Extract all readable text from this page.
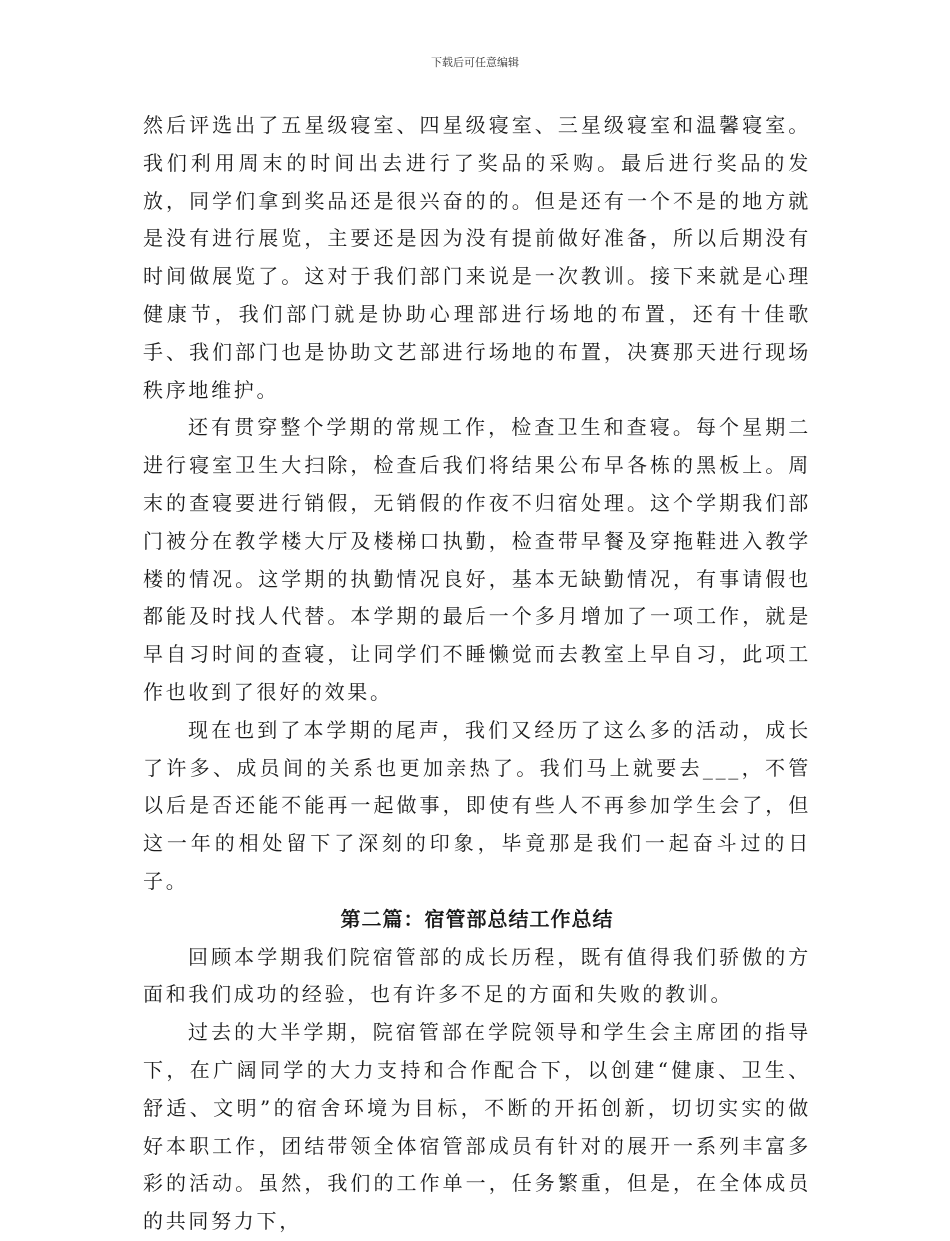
下载后可任意编辑

然后评选出了五星级寝室、四星级寝室、三星级寝室和温馨寝室。我们利用周末的时间出去进行了奖品的采购。最后进行奖品的发放，同学们拿到奖品还是很兴奋的的。但是还有一个不是的地方就是没有进行展览，主要还是因为没有提前做好准备，所以后期没有时间做展览了。这对于我们部门来说是一次教训。接下来就是心理健康节，我们部门就是协助心理部进行场地的布置，还有十佳歌手、我们部门也是协助文艺部进行场地的布置，决赛那天进行现场秩序地维护。

还有贯穿整个学期的常规工作，检查卫生和查寝。每个星期二进行寝室卫生大扫除，检查后我们将结果公布早各栋的黑板上。周末的查寝要进行销假，无销假的作夜不归宿处理。这个学期我们部门被分在教学楼大厅及楼梯口执勤，检查带早餐及穿拖鞋进入教学楼的情况。这学期的执勤情况良好，基本无缺勤情况，有事请假也都能及时找人代替。本学期的最后一个多月增加了一项工作，就是早自习时间的查寝，让同学们不睡懒觉而去教室上早自习，此项工作也收到了很好的效果。

现在也到了本学期的尾声，我们又经历了这么多的活动，成长了许多、成员间的关系也更加亲热了。我们马上就要去___，不管以后是否还能不能再一起做事，即使有些人不再参加学生会了，但这一年的相处留下了深刻的印象，毕竟那是我们一起奋斗过的日子。

第二篇：宿管部总结工作总结

回顾本学期我们院宿管部的成长历程，既有值得我们骄傲的方面和我们成功的经验，也有许多不足的方面和失败的教训。

过去的大半学期，院宿管部在学院领导和学生会主席团的指导下，在广阔同学的大力支持和合作配合下，以创建“健康、卫生、舒适、文明”的宿舍环境为目标，不断的开拓创新，切切实实的做好本职工作，团结带领全体宿管部成员有针对的展开一系列丰富多彩的活动。虽然，我们的工作单一，任务繁重，但是，在全体成员的共同努力下，
